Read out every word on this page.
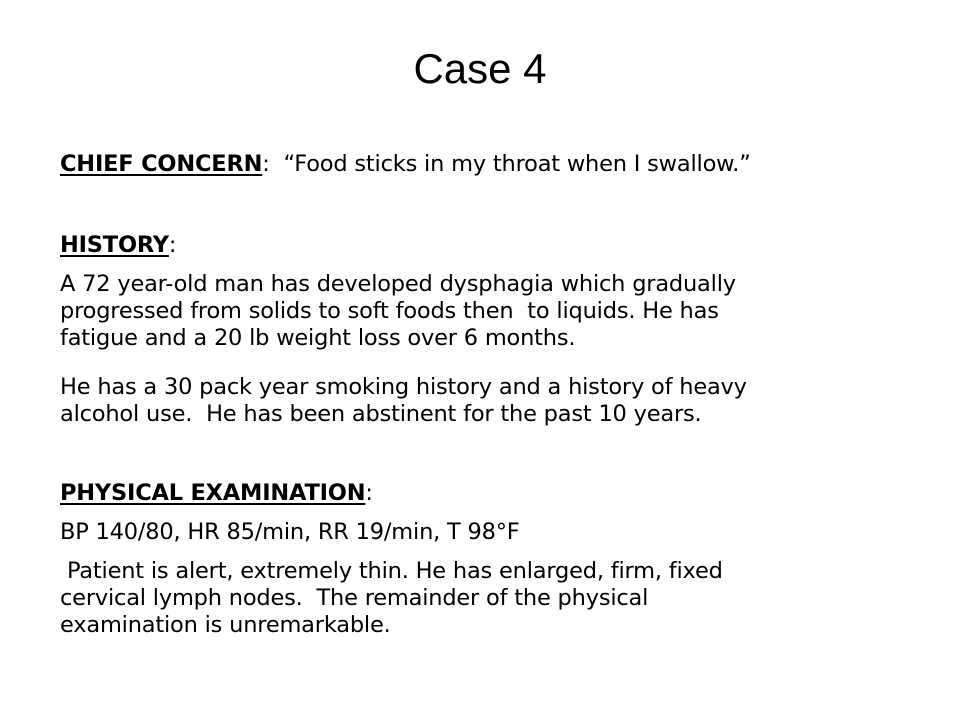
Case 4
CHIEF CONCERN:  “Food sticks in my throat when I swallow.”
HISTORY:
A 72 year-old man has developed dysphagia which gradually
progressed from solids to soft foods then  to liquids. He has
fatigue and a 20 lb weight loss over 6 months.
He has a 30 pack year smoking history and a history of heavy
alcohol use.  He has been abstinent for the past 10 years.
PHYSICAL EXAMINATION:
BP 140/80, HR 85/min, RR 19/min, T 98°F
Patient is alert, extremely thin. He has enlarged, firm, fixed
cervical lymph nodes.  The remainder of the physical
examination is unremarkable.
